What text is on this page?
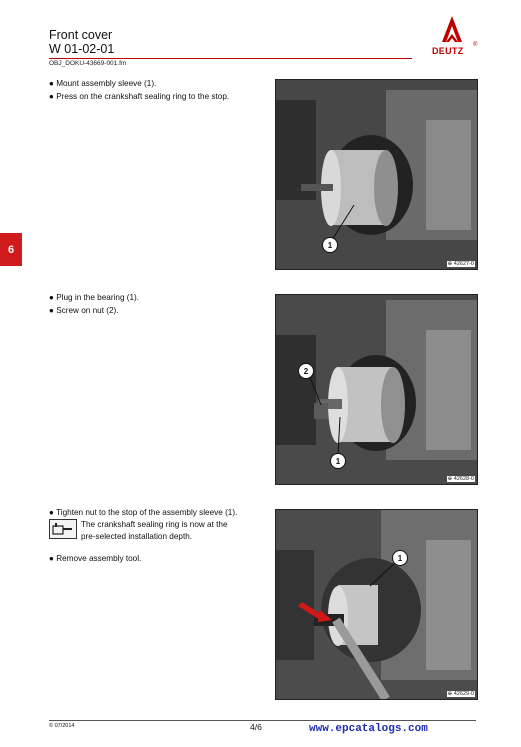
Front cover
W 01-02-01
OBJ_DOKU-43669-001.fm
DEUTZ
®
6
● Mount assembly sleeve (1).
● Press on the crankshaft sealing ring to the stop.
1
⊕ 42627-0
● Plug in the bearing (1).
● Screw on nut (2).
2
1
⊕ 42628-0
● Tighten nut to the stop of the assembly sleeve (1).
The crankshaft sealing ring is now at the
pre-selected installation depth.
● Remove assembly tool.	1
⊕ 42629-0
© 07/2014	4/6	www.epcatalogs.com
